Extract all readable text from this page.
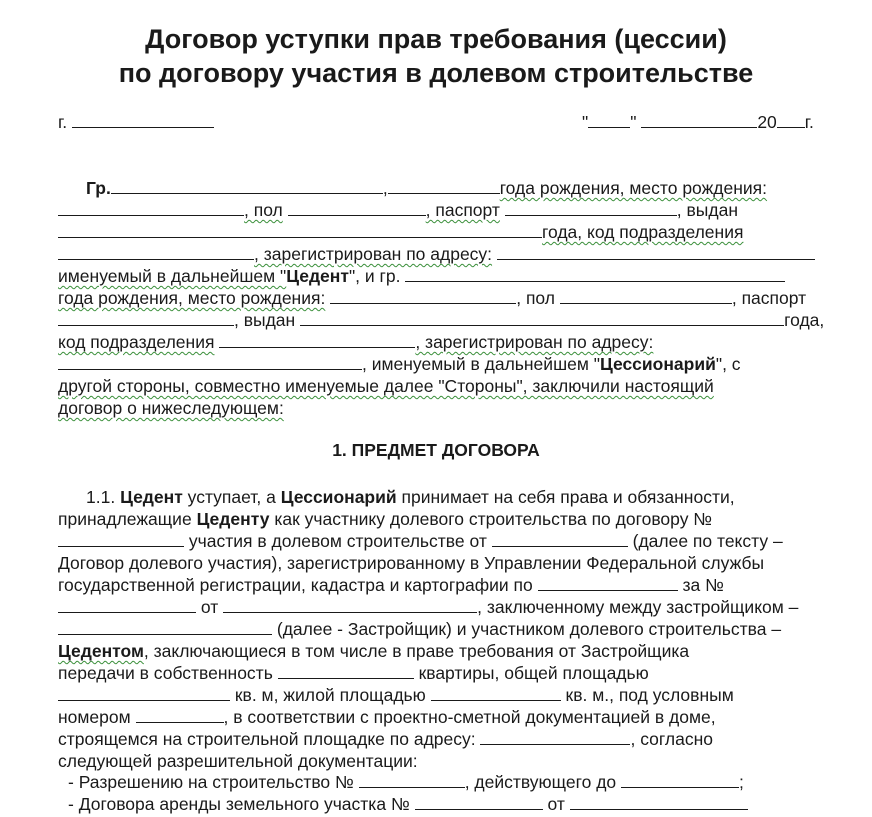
Договор уступки прав требования (цессии)
по договору участия в долевом строительстве
г.	" "	20 г.
Гр.	,	года рождения, место рождения:
, пол	, паспорт	, выдан
года, код подразделения
, зарегистрирован по адресу:
именуемый в дальнейшем "Цедент", и гр.
года рождения, место рождения:	, пол	, паспорт
, выдан	года,
код подразделения	, зарегистрирован по адресу:
, именуемый в дальнейшем "Цессионарий", с
другой стороны, совместно именуемые далее "Стороны", заключили настоящий
договор о нижеследующем:
1. ПРЕДМЕТ ДОГОВОРА
1.1. Цедент уступает, а Цессионарий принимает на себя права и обязанности,
принадлежащие Цеденту как участнику долевого строительства по договору №
участия в долевом строительстве от	(далее по тексту –
Договор долевого участия), зарегистрированному в Управлении Федеральной службы
государственной регистрации, кадастра и картографии по	за №
от	, заключенному между застройщиком –
(далее - Застройщик) и участником долевого строительства –
Цедентом, заключающиеся в том числе в праве требования от Застройщика
передачи в собственность	квартиры, общей площадью
кв. м, жилой площадью	кв. м., под условным
номером	, в соответствии с проектно-сметной документацией в доме,
строящемся на строительной площадке по адресу:	, согласно
следующей разрешительной документации:
- Разрешению на строительство №	, действующего до	;
- Договора аренды земельного участка №	от
